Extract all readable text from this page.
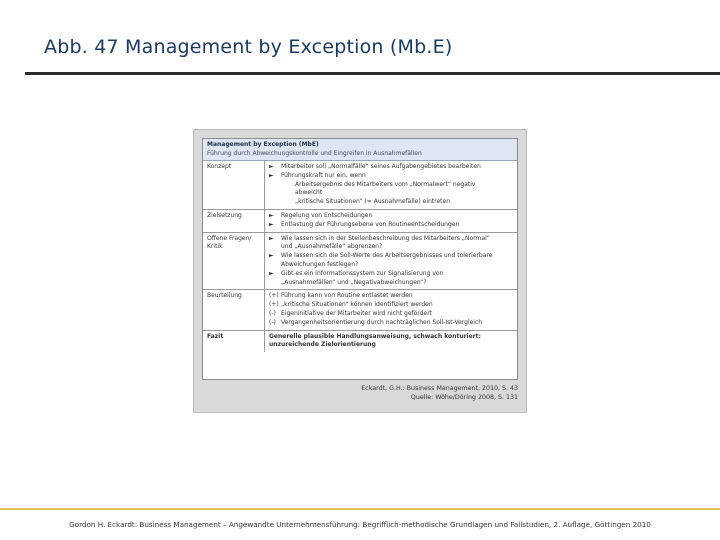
Abb. 47 Management by Exception (Mb.E)
Management by Exception (MbE)
Führung durch Abweichungskontrolle und Eingreifen in Ausnahmefällen
Konzept	►	Mitarbeiter soll „Normalfälle“ seines Aufgabengebietes bearbeiten
►	Führungskraft nur ein, wenn
Arbeitsergebnis des Mitarbeiters vom „Normalwert“ negativ
abweicht
„kritische Situationen“ (= Ausnahmefälle) eintreten
Zielsetzung	►	Regelung von Entscheidungen
►	Entlastung der Führungsebene von Routineentscheidungen
Offene Fragen/
Kritik
►	Wie lassen sich in der Stellenbeschreibung des Mitarbeiters „Normal“
und „Ausnahmefälle“ abgrenzen?
►	Wie lassen sich die Soll-Werte des Arbeitsergebnisses und tolerierbare
Abweichungen festlegen?
►	Gibt es ein Informationssystem zur Signalisierung von
„Ausnahmefällen“ und „Negativabweichungen“?
Beurteilung	(+) Führung kann von Routine entlastet werden
(+) „kritische Situationen“ können identifiziert werden
(-) Eigeninitiative der Mitarbeiter wird nicht gefördert
(-) Vergangenheitsorientierung durch nachträglichen Soll-Ist-Vergleich
Fazit	Generelle plausible Handlungsanweisung, schwach konturiert:
unzureichende Zielorientierung
Eckardt, G.H.: Business Management, 2010, S. 43
Quelle: Wöhe/Döring 2008, S. 131
Gordon H. Eckardt: Business Management – Angewandte Unternehmensführung: Begrifflich-methodische Grundlagen und Fallstudien, 2. Auflage, Göttingen 2010
